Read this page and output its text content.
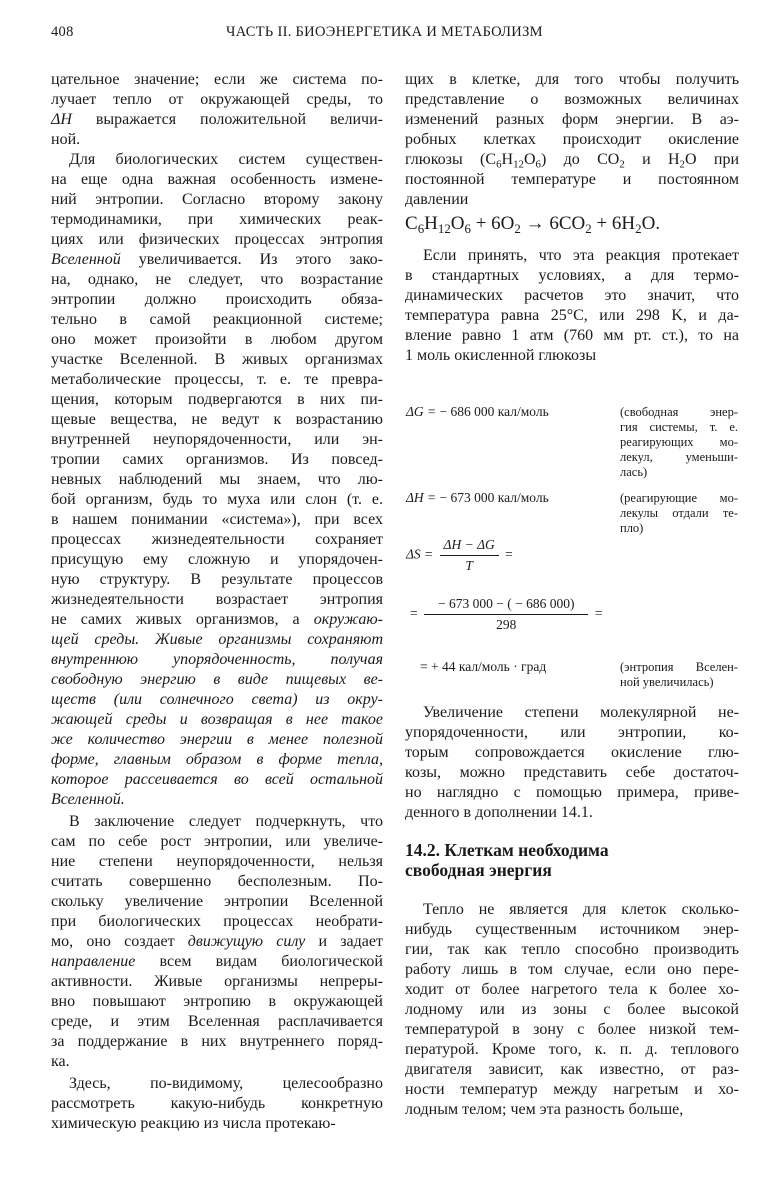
408	ЧАСТЬ II. БИОЭНЕРГЕТИКА И МЕТАБОЛИЗМ
цательное значение; если же система по-
лучает тепло от окружающей среды, то
ΔH выражается положительной величи-
ной.
Для биологических систем существен-
на еще одна важная особенность измене-
ний энтропии. Согласно второму закону
термодинамики, при химических реак-
циях или физических процессах энтропия
Вселенной увеличивается. Из этого зако-
на, однако, не следует, что возрастание
энтропии должно происходить обяза-
тельно в самой реакционной системе;
оно может произойти в любом другом
участке Вселенной. В живых организмах
метаболические процессы, т. е. те превра-
щения, которым подвергаются в них пи-
щевые вещества, не ведут к возрастанию
внутренней неупорядоченности, или эн-
тропии самих организмов. Из повсед-
невных наблюдений мы знаем, что лю-
бой организм, будь то муха или слон (т. е.
в нашем понимании «система»), при всех
процессах жизнедеятельности сохраняет
присущую ему сложную и упорядочен-
ную структуру. В результате процессов
жизнедеятельности возрастает энтропия
не самих живых организмов, а окружаю-
щей среды. Живые организмы сохраняют
внутреннюю упорядоченность, получая
свободную энергию в виде пищевых ве-
ществ (или солнечного света) из окру-
жающей среды и возвращая в нее такое
же количество энергии в менее полезной
форме, главным образом в форме тепла,
которое рассеивается во всей остальной
Вселенной.
В заключение следует подчеркнуть, что
сам по себе рост энтропии, или увеличе-
ние степени неупорядоченности, нельзя
считать совершенно бесполезным. По-
скольку увеличение энтропии Вселенной
при биологических процессах необрати-
мо, оно создает движущую силу и задает
направление всем видам биологической
активности. Живые организмы непреры-
вно повышают энтропию в окружающей
среде, и этим Вселенная расплачивается
за поддержание в них внутреннего поряд-
ка.
Здесь, по-видимому, целесообразно
рассмотреть какую-нибудь конкретную
химическую реакцию из числа протекаю-
щих в клетке, для того чтобы получить
представление о возможных величинах
изменений разных форм энергии. В аэ-
робных клетках происходит окисление
глюкозы $(C_6H_{12}O_6)$ до $CO_2$ и $H_2O$ при
постоянной температуре и постоянном
давлении
$C_6H_{12}O_6 + 6O_2 \to 6CO_2 + 6H_2O$.
Если принять, что эта реакция протекает
в стандартных условиях, а для термо-
динамических расчетов это значит, что
температура равна 25°C, или 298 K, и да-
вление равно 1 атм (760 мм рт. ст.), то на
1 моль окисленной глюкозы
ΔG = − 686 000 кал/моль	(свободная энер-
гия системы, т. е.
реагирующих мо-
лекул, уменьши-
лась)
ΔH = − 673 000 кал/моль	(реагирующие мо-
лекулы отдали те-
пло)
$\Delta S = \frac{\Delta H - \Delta G}{T}$ =
= $\frac{- 673 000 - ( - 686 000)}{298}$ =
= + 44 кал/моль · град	(энтропия Вселен-
ной увеличилась)
Увеличение степени молекулярной не-
упорядоченности, или энтропии, ко-
торым сопровождается окисление глю-
козы, можно представить себе достаточ-
но наглядно с помощью примера, приве-
денного в дополнении 14.1.
14.2. Клеткам необходима
свободная энергия
Тепло не является для клеток сколько-
нибудь существенным источником энер-
гии, так как тепло способно производить
работу лишь в том случае, если оно пере-
ходит от более нагретого тела к более хо-
лодному или из зоны с более высокой
температурой в зону с более низкой тем-
пературой. Кроме того, к. п. д. теплового
двигателя зависит, как известно, от раз-
ности температур между нагретым и хо-
лодным телом; чем эта разность больше,
